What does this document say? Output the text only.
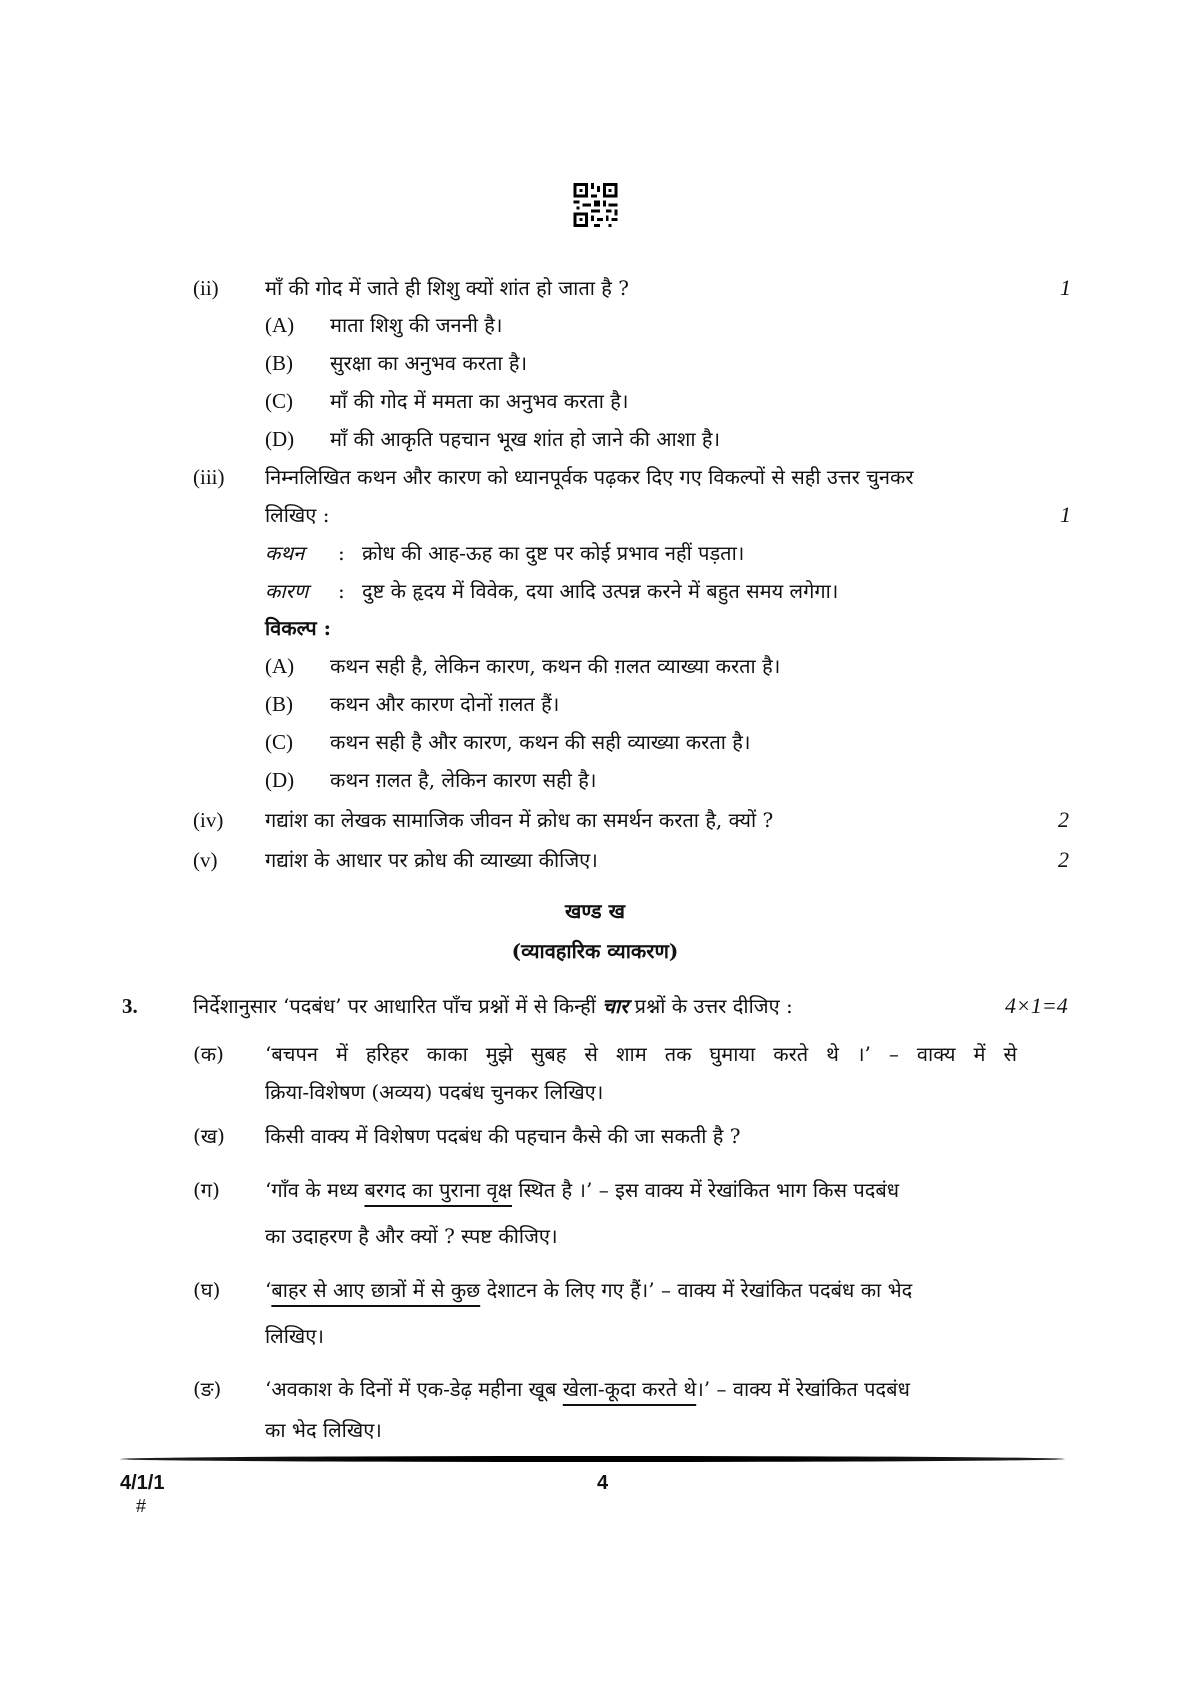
(ii) माँ की गोद में जाते ही शिशु क्यों शांत हो जाता है ?	1
(A) माता शिशु की जननी है।
(B) सुरक्षा का अनुभव करता है।
(C) माँ की गोद में ममता का अनुभव करता है।
(D) माँ की आकृति पहचान भूख शांत हो जाने की आशा है।
(iii) निम्नलिखित कथन और कारण को ध्यानपूर्वक पढ़कर दिए गए विकल्पों से सही उत्तर चुनकर
लिखिए :	1
कथन : क्रोध की आह-ऊह का दुष्ट पर कोई प्रभाव नहीं पड़ता।
कारण : दुष्ट के हृदय में विवेक, दया आदि उत्पन्न करने में बहुत समय लगेगा।
विकल्प :
(A) कथन सही है, लेकिन कारण, कथन की ग़लत व्याख्या करता है।
(B) कथन और कारण दोनों ग़लत हैं।
(C) कथन सही है और कारण, कथन की सही व्याख्या करता है।
(D) कथन ग़लत है, लेकिन कारण सही है।
(iv) गद्यांश का लेखक सामाजिक जीवन में क्रोध का समर्थन करता है, क्यों ?	2
(v) गद्यांश के आधार पर क्रोध की व्याख्या कीजिए।	2
खण्ड ख
(व्यावहारिक व्याकरण)
3.	निर्देशानुसार ‘पदबंध’ पर आधारित पाँच प्रश्नों में से किन्हीं चार प्रश्नों के उत्तर दीजिए :	4×1=4
(क) ‘बचपन में हरिहर काका मुझे सुबह से शाम तक घुमाया करते थे ।’ – वाक्य में से
क्रिया-विशेषण (अव्यय) पदबंध चुनकर लिखिए।
(ख) किसी वाक्य में विशेषण पदबंध की पहचान कैसे की जा सकती है ?
(ग) ‘गाँव के मध्य बरगद का पुराना वृक्ष स्थित है ।’ – इस वाक्य में रेखांकित भाग किस पदबंध
का उदाहरण है और क्यों ? स्पष्ट कीजिए।
(घ) ‘बाहर से आए छात्रों में से कुछ देशाटन के लिए गए हैं।’ – वाक्य में रेखांकित पदबंध का भेद
लिखिए।
(ङ) ‘अवकाश के दिनों में एक-डेढ़ महीना खूब खेला-कूदा करते थे।’ – वाक्य में रेखांकित पदबंध
का भेद लिखिए।
4/1/1
#
4
